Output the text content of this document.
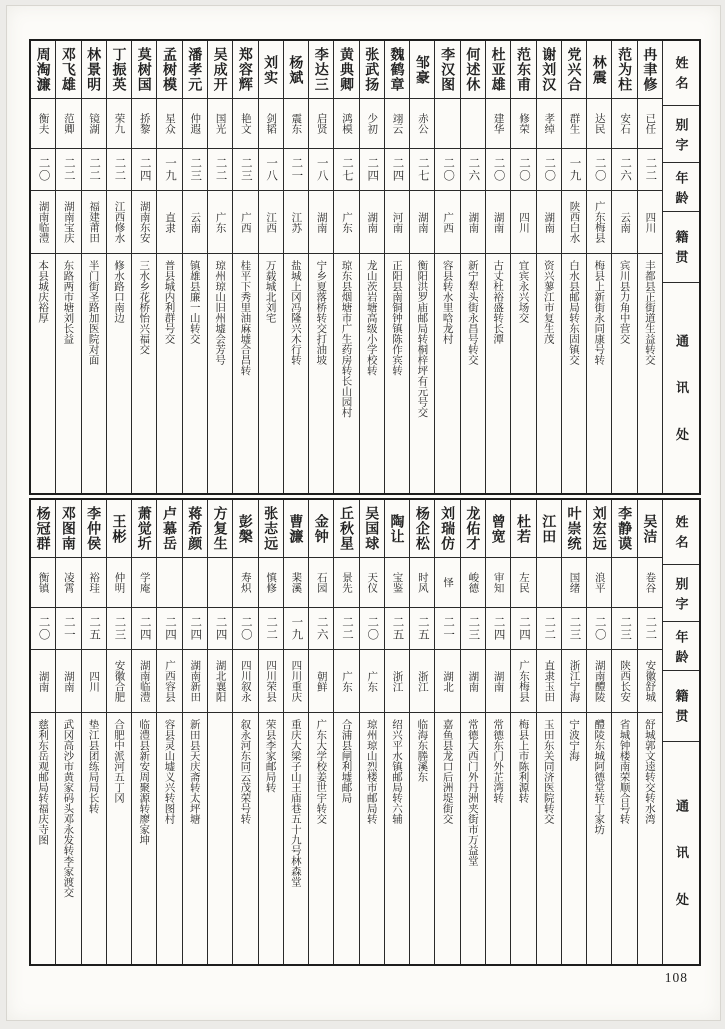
姓名
别字
年龄
籍贯
通讯处
冉聿修
已任
二二
四川
丰都县正街道生益转交
范为柱
安石
二六
云南
宾川县力角中营交
林震
达民
二〇
广东梅县
梅县上新街永同康号转
党兴合
群生
一九
陕西白水
白水县邮局转东固镇交
谢刘汉
孝绰
二〇
湖南
资兴蓼江市复生茂
范东甫
修荣
二〇
四川
宜宾永兴场交
杜亚雄
建华
二〇
湖南
古丈杜裕盛转长潭
何述休
二六
湖南
新宁犁头街永昌号转交
李汉图
二〇
广西
容县转水里唅龙村
邹豪
赤公
二七
湖南
衡阳洪罗庙邮局转桐梓坪有元号交
魏鹤章
翊云
二四
河南
正阳县南铜钟镇陈作宾转
张武扬
少初
二四
湖南
龙山茨岩塘高级小学校转
黄典卿
鸿模
二七
广东
琼东县烟塘市广生药房转长山园村
李达三
启贤
一八
湖南
宁乡夏落桥转交打油坡
杨斌
震东
二一
江苏
盐城上冈冯隆兴木行转
刘实
剑韬
一八
江西
万载城北刘宅
郑容辉
艳文
二三
广西
桂平下秀里油麻墟合昌转
吴成开
国光
二二
广东
琼州琼山旧州墟会芳号
潘孝元
仲遐
二三
云南
镇雄县廉一山转交
孟树模
星众
一九
直隶
普县城内利群号交
莫树国
挢黎
二四
湖南东安
三水乡花桥怡兴福交
丁振英
荣九
二二
江西修水
修水路口南边
林景明
镜湖
二二
福建莆田
半门街圣路加医院对面
邓飞雄
范卿
二二
湖南宝庆
东路两市塘刘长益
周淘濂
衡夫
二〇
湖南临澧
本县城庆裕厚
姓名
别字
年龄
籍贯
通讯处
吴洁
卷谷
二二
安徽舒城
舒城郭文逵转交转水湾
李静谟
二三
陕西长安
省城钟楼南荣顺合号转
刘宏远
浪平
二〇
湖南醴陵
醴陵东城阿德堂转丁家坊
叶崇统
国绪
二三
浙江宁海
宁波宁海
江田
二二
直隶玉田
玉田东关同济医院转交
杜若
左民
二四
广东梅县
梅县上市陈利源转
曾宽
审知
二四
湖南
常德东门外芷湾转
龙佑才
峻德
二三
湖南
常德大西门外丹洲夹街市万益堂
刘瑞仿
怿
二一
湖北
嘉鱼县龙口后洲堤街交
杨企松
时风
二五
浙江
临海东塍溪东
陶让
宝鉴
二五
浙江
绍兴平水镇邮局转六辅
吴国球
天仪
二〇
广东
琼州琼山烈楼市邮局转
丘秋星
景先
二二
广东
合浦县闸利墟邮局
金钟
石园
二六
朝鲜
广东大学校姜世宇转交
曹濂
棐溪
一九
四川重庆
重庆大梁子山王庙巷五十九号林森堂
张志远
慎修
二二
四川荣县
荣县李家邮局转
彭槃
寿炽
二〇
四川叙永
叙永河东同云茂荣号转
方复生
二四
湖北襄阳
蒋希颜
二四
湖南新田
新田县天庆斋转太坪塘
卢慕岳
二四
广西容县
容县灵山墟义兴转图村
萧觉圻
学庵
二四
湖南临澧
临澧县新安周聚源转廖家坤
王彬
仲明
二三
安徽合肥
合肥中派河五丁冈
李仲侯
裕珪
二五
四川
垫江县团练局局长转
邓图南
凌霄
二一
湖南
武冈高沙市黄家码头邓永发转李家渡交
杨冠群
衡镇
二〇
湖南
慈利东岳观邮局转福庆寺图
108
